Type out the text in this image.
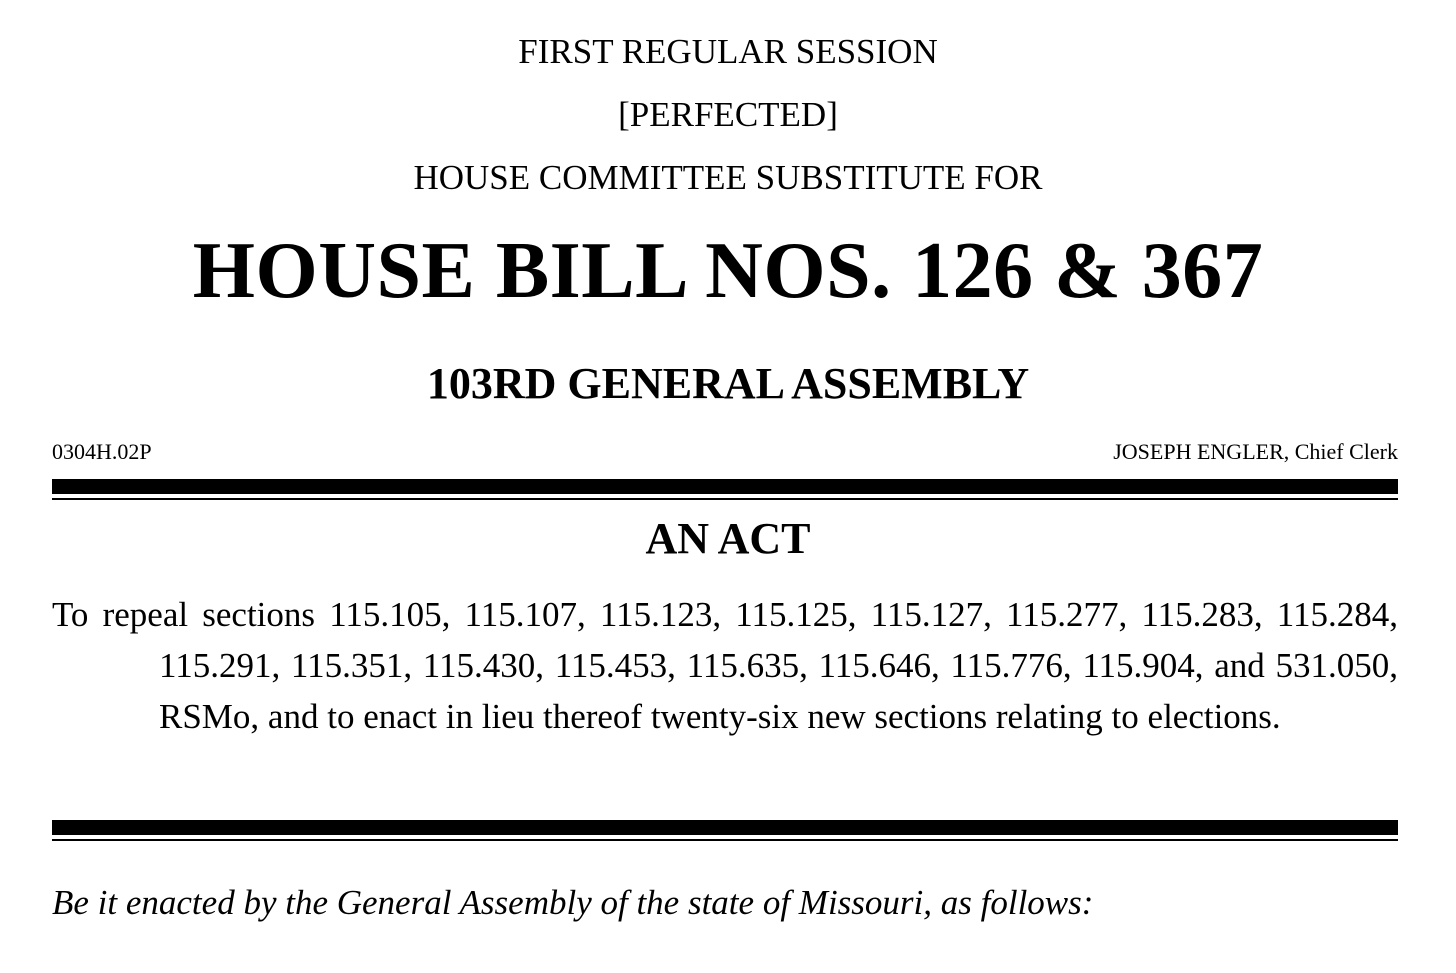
FIRST REGULAR SESSION
[PERFECTED]
HOUSE COMMITTEE SUBSTITUTE FOR
HOUSE BILL NOS. 126 & 367
103RD GENERAL ASSEMBLY
0304H.02P	JOSEPH ENGLER, Chief Clerk
AN ACT
To repeal sections 115.105, 115.107, 115.123, 115.125, 115.127, 115.277, 115.283, 115.284, 115.291, 115.351, 115.430, 115.453, 115.635, 115.646, 115.776, 115.904, and 531.050, RSMo, and to enact in lieu thereof twenty-six new sections relating to elections.
Be it enacted by the General Assembly of the state of Missouri, as follows:
